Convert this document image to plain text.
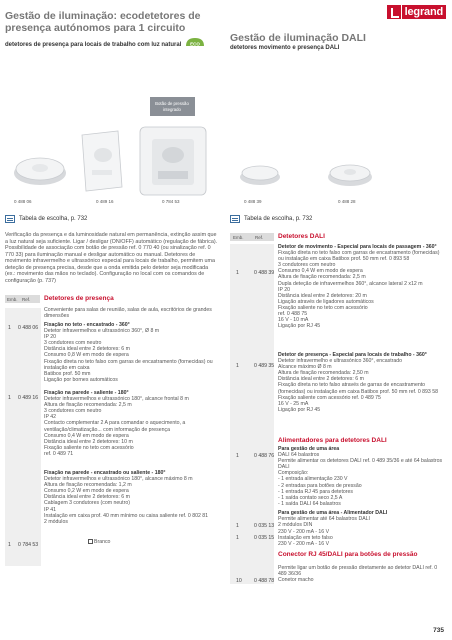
legrand
Gestão de iluminação: ecodetetores de
presença autónomos para 1 circuito
detetores de presença para locais de trabalho com luz natural ECO	Gestão de iluminação DALI
detetores movimento e presença DALI
Botão de pressão
integrado
0 488 06	0 489 16	0 784 53	0 488 39	0 488 28
Tabela de escolha, p. 732	Tabela de escolha, p. 732
Verificação da presença e da luminosidade natural em permanência, extinção assim que a luz natural seja suficiente. Ligar / desligar (ON/OFF) automático (regulação de fábrica). Possibilidade de associação com botão de pressão ref. 0 770 40 (ou sinalização ref. 0 770 33) para iluminação manual e desligar automático ou manual. Detetores de movimento infravermelho e ultrassónico especial para locais de trabalho, permitem uma deteção de presença precisa, desde que a onda emitida pelo detetor seja modificada (ex.: movimento das mãos no teclado). Configuração no local com os comandos de configuração (p. 737)
Emb. Ref. Detetores de presença
Conveniente para salas de reunião, salas de aula, escritórios de grandes dimensões
1 0 488 06 Fixação no teto - encastrado - 360°
Detetor infravermelhos e ultrassónico 360°, Ø 8 m
IP 20
3 condutores com neutro
Distância ideal entre 2 detetores: 6 m
Consumo 0,8 W em modo de espera
Fixação direta no teto falso com garras de encastramento (fornecidas) ou instalação em caixa
Batibox prof. 50 mm
Ligação por bornes automáticos
1 0 489 16
Fixação na parede - saliente - 180°
Detetor infravermelhos e ultrassónico 180°, alcance frontal 8 m
Altura de fixação recomendada: 2,5 m
3 condutores com neutro
IP 42
Contacto complementar 2 A para comandar o aquecimento, a ventilação/climatização... com informação de presença
Consumo 0,4 W em modo de espera
Distância ideal entre 2 detetores: 10 m
Fixação saliente no teto com acessório
ref. 0 489 71
1 0 784 53
Fixação na parede - encastrado ou saliente - 180°
Detetor infravermelhos e ultrassónico 180°, alcance máximo 8 m
Altura de fixação recomendada: 1,2 m
Consumo 0,2 W em modo de espera
Distância ideal entre 2 detetores: 6 m
Cablagem 3 condutores (com neutro)
IP 41
Instalação em caixa prof. 40 mm mínimo ou caixa saliente ref. 0 802 81
2 módulos
Branco
Emb.	Ref. Detetores DALI
1	0 488 39
Detetor de movimento - Especial para locais de passagem - 360°
Fixação direta no teto falso com garras de encastramento (fornecidas) ou instalação em caixa Batibox prof. 50 mm ref. 0 893 58
3 condutores com neutro
Consumo 0,4 W em modo de espera
Altura de fixação recomendada: 2,5 m
Dupla deteção de infravermelhos 360°, alcance lateral 2 x12 m
IP 20
Distância ideal entre 2 detetores: 20 m
Ligação através de ligadores automáticos
Fixação saliente no teto com acessório
ref. 0 488 75
16 V - 10 mA
Ligação por RJ 45
1	0 489 35
Detetor de presença - Especial para locais de trabalho - 360°
Detetor infravermelho e ultrassónico 360°, encastrado
Alcance máximo Ø 8 m
Altura de fixação recomendada: 2,50 m
Distância ideal entre 2 detetores: 6 m
Fixação direta no teto falso através de garras de encastramento (fornecidas) ou instalação em caixa Batibox prof. 50 mm ref. 0 893 58
Fixação saliente com acessório ref. 0 489 75
16 V - 25 mA
Ligação por RJ 45
Alimentadores para detetores DALI
1	0 488 76
Para gestão de uma área
DALI 64 balastros
Permite alimentar os detetores DALI ref. 0 489 35/36 e até 64 balastros DALI
Composição:
- 1 entrada alimentação 230 V
- 2 entradas para botões de pressão
- 1 entrada RJ 45 para detetores
- 1 saída contato seco 2,5 A
- 1 saída DALI 64 balastros
1	0 035 13
Para gestão de uma área - Alimentador DALI
Permite alimentar até 64 balastros DALI
2 módulos DIN
1	0 035 15
230 V - 200 mA - 16 V
Instalação em teto falso
230 V - 200 mA - 16 V
Conector RJ 45/DALI para botões de pressão
10 0 488 78
Permite ligar um botão de pressão diretamente ao detetor DALI ref. 0 489 36/36
Conetor macho
735
